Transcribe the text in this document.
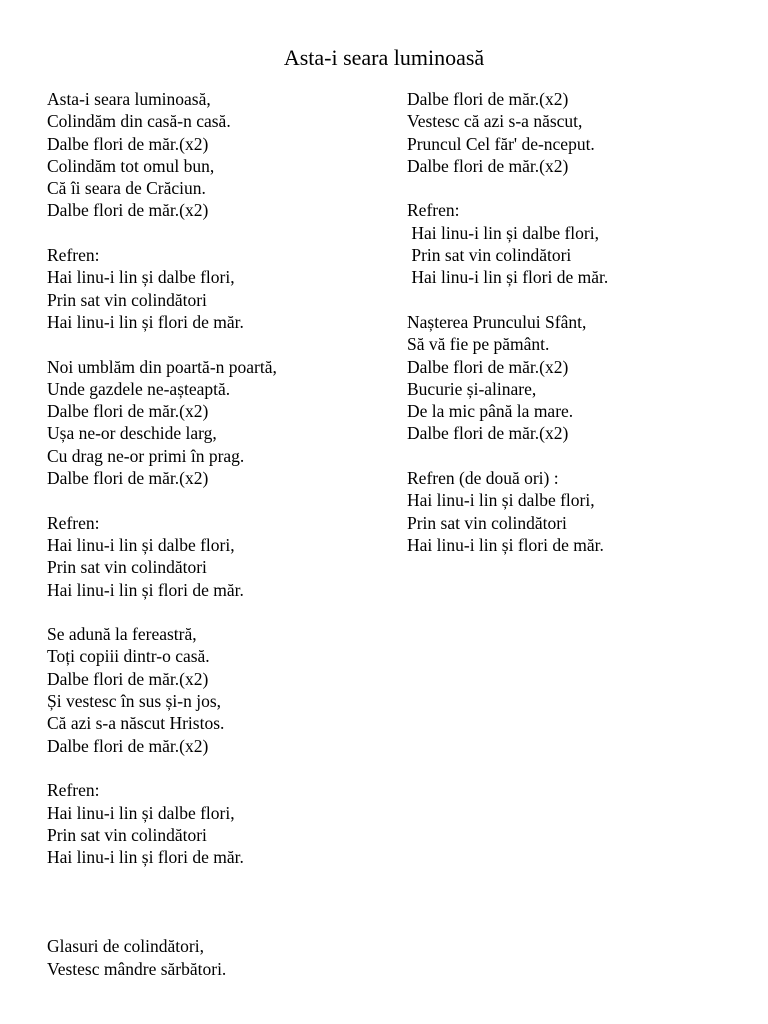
Asta-i seara luminoasă
Asta-i seara luminoasă,
Colindăm din casă-n casă.
Dalbe flori de măr.(x2)
Colindăm tot omul bun,
Că îi seara de Crăciun.
Dalbe flori de măr.(x2)
Refren:
Hai linu-i lin și dalbe flori,
Prin sat vin colindători
Hai linu-i lin și flori de măr.
Noi umblăm din poartă-n poartă,
Unde gazdele ne-așteaptă.
Dalbe flori de măr.(x2)
Ușa ne-or deschide larg,
Cu drag ne-or primi în prag.
Dalbe flori de măr.(x2)
Refren:
Hai linu-i lin și dalbe flori,
Prin sat vin colindători
Hai linu-i lin și flori de măr.
Se adună la fereastră,
Toți copiii dintr-o casă.
Dalbe flori de măr.(x2)
Și vestesc în sus și-n jos,
Că azi s-a născut Hristos.
Dalbe flori de măr.(x2)
Refren:
Hai linu-i lin și dalbe flori,
Prin sat vin colindători
Hai linu-i lin și flori de măr.
Glasuri de colindători,
Vestesc mândre sărbători.
Dalbe flori de măr.(x2)
Vestesc că azi s-a născut,
Pruncul Cel făr' de-nceput.
Dalbe flori de măr.(x2)
Refren:
Hai linu-i lin și dalbe flori,
Prin sat vin colindători
Hai linu-i lin și flori de măr.
Nașterea Pruncului Sfânt,
Să vă fie pe pământ.
Dalbe flori de măr.(x2)
Bucurie și-alinare,
De la mic până la mare.
Dalbe flori de măr.(x2)
Refren (de două ori) :
Hai linu-i lin și dalbe flori,
Prin sat vin colindători
Hai linu-i lin și flori de măr.
